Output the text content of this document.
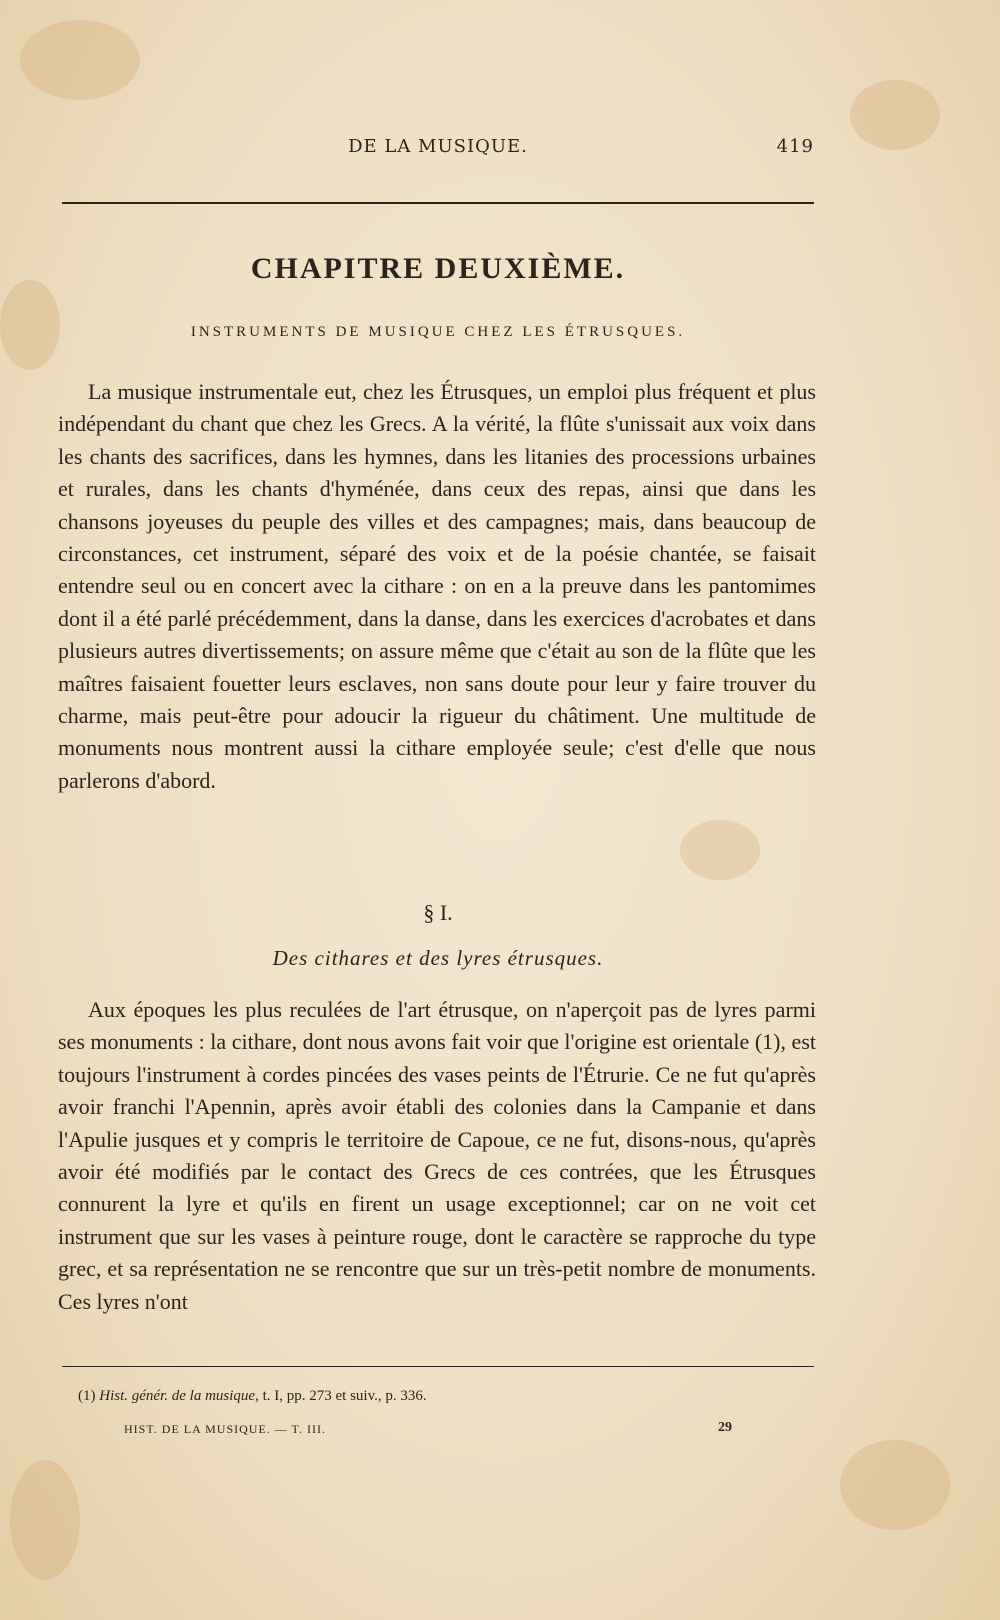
DE LA MUSIQUE.	419
CHAPITRE DEUXIÈME.
INSTRUMENTS DE MUSIQUE CHEZ LES ÉTRUSQUES.

La musique instrumentale eut, chez les Étrusques, un emploi plus fréquent et plus indépendant du chant que chez les Grecs. A la vérité, la flûte s'unissait aux voix dans les chants des sacrifices, dans les hymnes, dans les litanies des processions urbaines et rurales, dans les chants d'hyménée, dans ceux des repas, ainsi que dans les chansons joyeuses du peuple des villes et des campagnes; mais, dans beaucoup de circonstances, cet instrument, séparé des voix et de la poésie chantée, se faisait entendre seul ou en concert avec la cithare : on en a la preuve dans les pantomimes dont il a été parlé précédemment, dans la danse, dans les exercices d'acrobates et dans plusieurs autres divertissements; on assure même que c'était au son de la flûte que les maîtres faisaient fouetter leurs esclaves, non sans doute pour leur y faire trouver du charme, mais peut-être pour adoucir la rigueur du châtiment. Une multitude de monuments nous montrent aussi la cithare employée seule; c'est d'elle que nous parlerons d'abord.

§ I.
Des cithares et des lyres étrusques.

Aux époques les plus reculées de l'art étrusque, on n'aperçoit pas de lyres parmi ses monuments : la cithare, dont nous avons fait voir que l'origine est orientale (1), est toujours l'instrument à cordes pincées des vases peints de l'Étrurie. Ce ne fut qu'après avoir franchi l'Apennin, après avoir établi des colonies dans la Campanie et dans l'Apulie jusques et y compris le territoire de Capoue, ce ne fut, disons-nous, qu'après avoir été modifiés par le contact des Grecs de ces contrées, que les Étrusques connurent la lyre et qu'ils en firent un usage exceptionnel; car on ne voit cet instrument que sur les vases à peinture rouge, dont le caractère se rapproche du type grec, et sa représentation ne se rencontre que sur un très-petit nombre de monuments. Ces lyres n'ont

(1) Hist. génér. de la musique, t. I, pp. 273 et suiv., p. 336.
HIST. DE LA MUSIQUE. — T. III.	29
